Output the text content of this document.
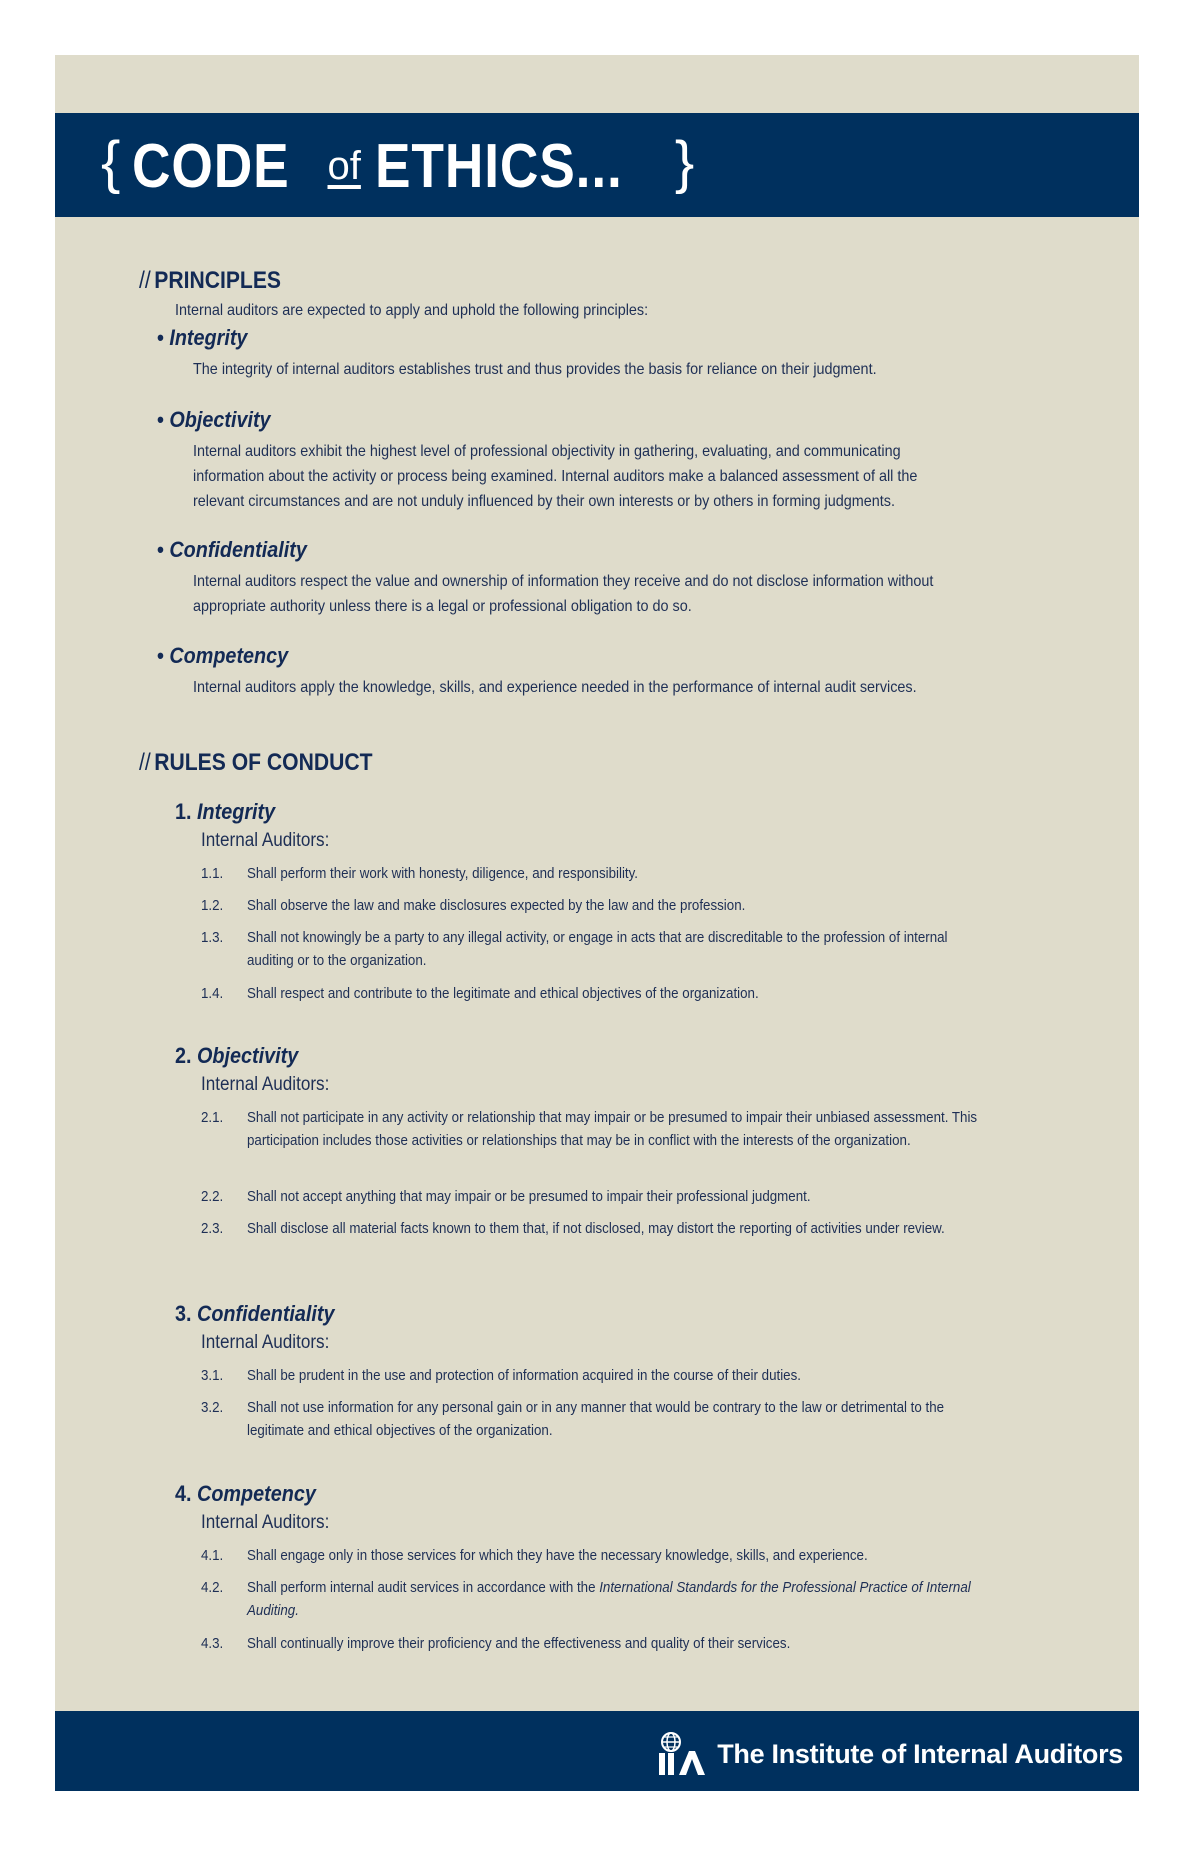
{ CODE of ETHICS... }
// PRINCIPLES
Internal auditors are expected to apply and uphold the following principles:
• Integrity
The integrity of internal auditors establishes trust and thus provides the basis for reliance on their judgment.
• Objectivity
Internal auditors exhibit the highest level of professional objectivity in gathering, evaluating, and communicating information about the activity or process being examined. Internal auditors make a balanced assessment of all the relevant circumstances and are not unduly influenced by their own interests or by others in forming judgments.
• Confidentiality
Internal auditors respect the value and ownership of information they receive and do not disclose information without appropriate authority unless there is a legal or professional obligation to do so.
• Competency
Internal auditors apply the knowledge, skills, and experience needed in the performance of internal audit services.
// RULES OF CONDUCT
1. Integrity
Internal Auditors:
1.1.	Shall perform their work with honesty, diligence, and responsibility.
1.2.	Shall observe the law and make disclosures expected by the law and the profession.
1.3.	Shall not knowingly be a party to any illegal activity, or engage in acts that are discreditable to the profession of internal auditing or to the organization.
1.4.	Shall respect and contribute to the legitimate and ethical objectives of the organization.
2. Objectivity
Internal Auditors:
2.1.	Shall not participate in any activity or relationship that may impair or be presumed to impair their unbiased assessment. This participation includes those activities or relationships that may be in conflict with the interests of the organization.
2.2.	Shall not accept anything that may impair or be presumed to impair their professional judgment.
2.3.	Shall disclose all material facts known to them that, if not disclosed, may distort the reporting of activities under review.
3. Confidentiality
Internal Auditors:
3.1.	Shall be prudent in the use and protection of information acquired in the course of their duties.
3.2.	Shall not use information for any personal gain or in any manner that would be contrary to the law or detrimental to the legitimate and ethical objectives of the organization.
4. Competency
Internal Auditors:
4.1.	Shall engage only in those services for which they have the necessary knowledge, skills, and experience.
4.2.	Shall perform internal audit services in accordance with the International Standards for the Professional Practice of Internal Auditing.
4.3.	Shall continually improve their proficiency and the effectiveness and quality of their services.
The Institute of Internal Auditors
